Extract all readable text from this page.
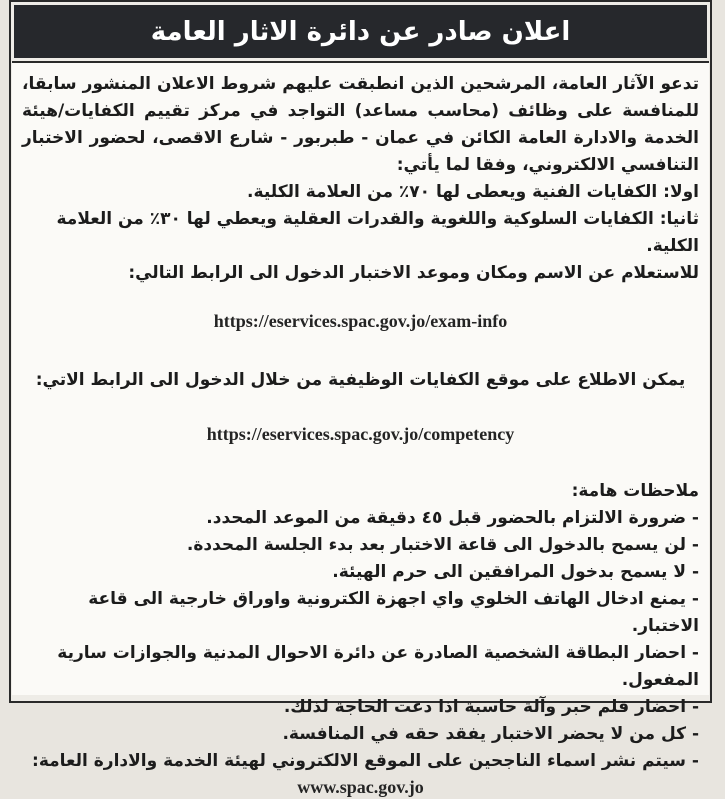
اعلان صادر عن دائرة الاثار العامة

تدعو الآثار العامة، المرشحين الذين انطبقت عليهم شروط الاعلان المنشور سابقا، للمنافسة على وظائف (محاسب مساعد) التواجد في مركز تقييم الكفايات/هيئة الخدمة والادارة العامة الكائن في عمان - طبربور - شارع الاقصى، لحضور الاختبار التنافسي الالكتروني، وفقا لما يأتي:

اولا: الكفايات الفنية ويعطى لها ٧٠٪ من العلامة الكلية.

ثانيا: الكفايات السلوكية واللغوية والقدرات العقلية ويعطي لها ٣٠٪ من العلامة الكلية.

للاستعلام عن الاسم ومكان وموعد الاختبار الدخول الى الرابط التالي:

https://eservices.spac.gov.jo/exam-info

يمكن الاطلاع على موقع الكفايات الوظيفية من خلال الدخول الى الرابط الاتي:

https://eservices.spac.gov.jo/competency

ملاحظات هامة:

- ضرورة الالتزام بالحضور قبل ٤٥ دقيقة من الموعد المحدد.
- لن يسمح بالدخول الى قاعة الاختبار بعد بدء الجلسة المحددة.
- لا يسمح بدخول المرافقين الى حرم الهيئة.
- يمنع ادخال الهاتف الخلوي واي اجهزة الكترونية واوراق خارجية الى قاعة الاختبار.
- احضار البطاقة الشخصية الصادرة عن دائرة الاحوال المدنية والجوازات سارية المفعول.
- احضار قلم حبر وآلة حاسبة اذا دعت الحاجة لذلك.
- كل من لا يحضر الاختبار يفقد حقه في المنافسة.
- سيتم نشر اسماء الناجحين على الموقع الالكتروني لهيئة الخدمة والادارة العامة:

www.spac.gov.jo
